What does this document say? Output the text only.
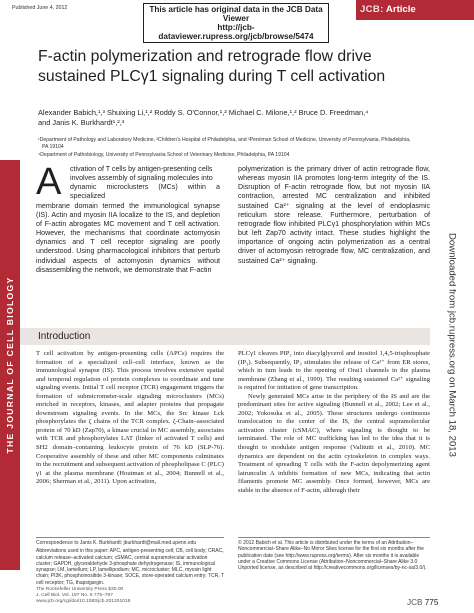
Published June 4, 2012	This article has original data in the JCB Data Viewer
http://jcb-dataviewer.rupress.org/jcb/browse/5474
JCB: Article
THE JOURNAL OF CELL BIOLOGY	Downloaded from jcb.rupress.org on March 18, 2013
F-actin polymerization and retrograde flow drive
sustained PLCγ1 signaling during T cell activation
Alexander Babich,¹,³ Shuixing Li,¹,² Roddy S. O'Connor,¹,² Michael C. Milone,¹,² Bruce D. Freedman,⁴
and Janis K. Burkhardt¹,²,³
¹Department of Pathology and Laboratory Medicine, ²Children's Hospital of Philadelphia, and ³Perelman School of Medicine, University of Pennsylvania, Philadelphia,
PA 19104
⁴Department of Pathobiology, University of Pennsylvania School of Veterinary Medicine, Philadelphia, PA 19104
A	ctivation of T cells by antigen-presenting cells
involves assembly of signaling molecules into
dynamic microclusters (MCs) within a specialized
membrane domain termed the immunological synapse (IS). Actin and myosin IIA localize to the IS, and depletion of F-actin abrogates MC movement and T cell activation. However, the mechanisms that coordinate actomyosin dynamics and T cell receptor signaling are poorly understood. Using pharmacological inhibitors that perturb individual aspects of actomyosin dynamics without disassembling the network, we demonstrate that F-actin
polymerization is the primary driver of actin retrograde flow, whereas myosin IIA promotes long-term integrity of the IS. Disruption of F-actin retrograde flow, but not myosin IIA contraction, arrested MC centralization and inhibited sustained Ca²⁺ signaling at the level of endoplasmic reticulum store release. Furthermore, perturbation of retrograde flow inhibited PLCγ1 phosphorylation within MCs but left Zap70 activity intact. These studies highlight the importance of ongoing actin polymerization as a central driver of actomyosin retrograde flow, MC centralization, and sustained Ca²⁺ signaling.
Introduction

T cell activation by antigen-presenting cells (APCs) requires the formation of a specialized cell–cell interface, known as the immunological synapse (IS). This process involves extensive spatial and temporal regulation of protein complexes to coordinate and tune signaling events. Initial T cell receptor (TCR) engagement triggers the formation of submicrometer-scale signaling microclusters (MCs) enriched in receptors, kinases, and adapter proteins that propagate downstream signaling events. In the MCs, the Src kinase Lck phosphorylates the ζ chains of the TCR complex. ζ-Chain–associated protein of 70 kD (Zap70), a kinase crucial in MC assembly, associates with TCR and phosphorylates LAT (linker of activated T cells) and SH2 domain–containing leukocyte protein of 76 kD (SLP-76). Cooperative assembly of these and other MC components culminates in the recruitment and subsequent activation of phospholipase C (PLC) γ1 at the plasma membrane (Houtman et al., 2004; Bunnell et al., 2006; Sherman et al., 2011). Upon activation,

PLCγ1 cleaves PIP₂ into diacylglycerol and inositol 1,4,5-trisphosphate (IP₃). Subsequently, IP₃ stimulates the release of Ca²⁺ from ER stores, which in turn leads to the opening of Orai1 channels in the plasma membrane (Zhang et al., 1999). The resulting sustained Ca²⁺ signaling is required for initiation of gene transcription.

Newly generated MCs arise in the periphery of the IS and are the predominant sites for active signaling (Bunnell et al., 2002; Lee et al., 2002; Yokosuka et al., 2005). These structures undergo continuous translocation to the center of the IS, the central supramolecular activation cluster (cSMAC), where signaling is thought to be terminated. The role of MC trafficking has led to the idea that it is thought to modulate antigen response (Valitutti et al., 2010). MC dynamics are dependent on the actin cytoskeleton in complex ways. Treatment of spreading T cells with the F-actin depolymerizing agent latrunculin A inhibits formation of new MCs, indicating that actin filaments promote MC assembly. Once formed, however, MCs are stable in the absence of F-actin, although their

Correspondence to Janis K. Burkhardt: jburkhardt@mail.med.upenn.edu
Abbreviations used in this paper: APC, antigen-presenting cell; CB, cell body; CRAC, calcium release–activated calcium; cSMAC, central supramolecular activation cluster; GAPDH, glyceraldehyde 3-phosphate dehydrogenase; IS, immunological synapse; LM, lamellum; LP, lamellipodium; MC, microcluster; MLC, myosin light chain; PI3K, phosphoinositide 3-kinase; SOCE, store-operated calcium entry; TCR, T cell receptor; TG, thapsigargin.
© 2012 Babich et al. This article is distributed under the terms of an Attribution–Noncommercial–Share Alike–No Mirror Sites license for the first six months after the publication date (see http://www.rupress.org/terms). After six months it is available under a Creative Commons License (Attribution–Noncommercial–Share Alike 3.0 Unported license, as described at http://creativecommons.org/licenses/by-nc-sa/3.0/).
The Rockefeller University Press $30.00
J. Cell Biol. Vol. 197 No. 6 775–787
www.jcb.org/cgi/doi/10.1083/jcb.201201018	JCB 775
